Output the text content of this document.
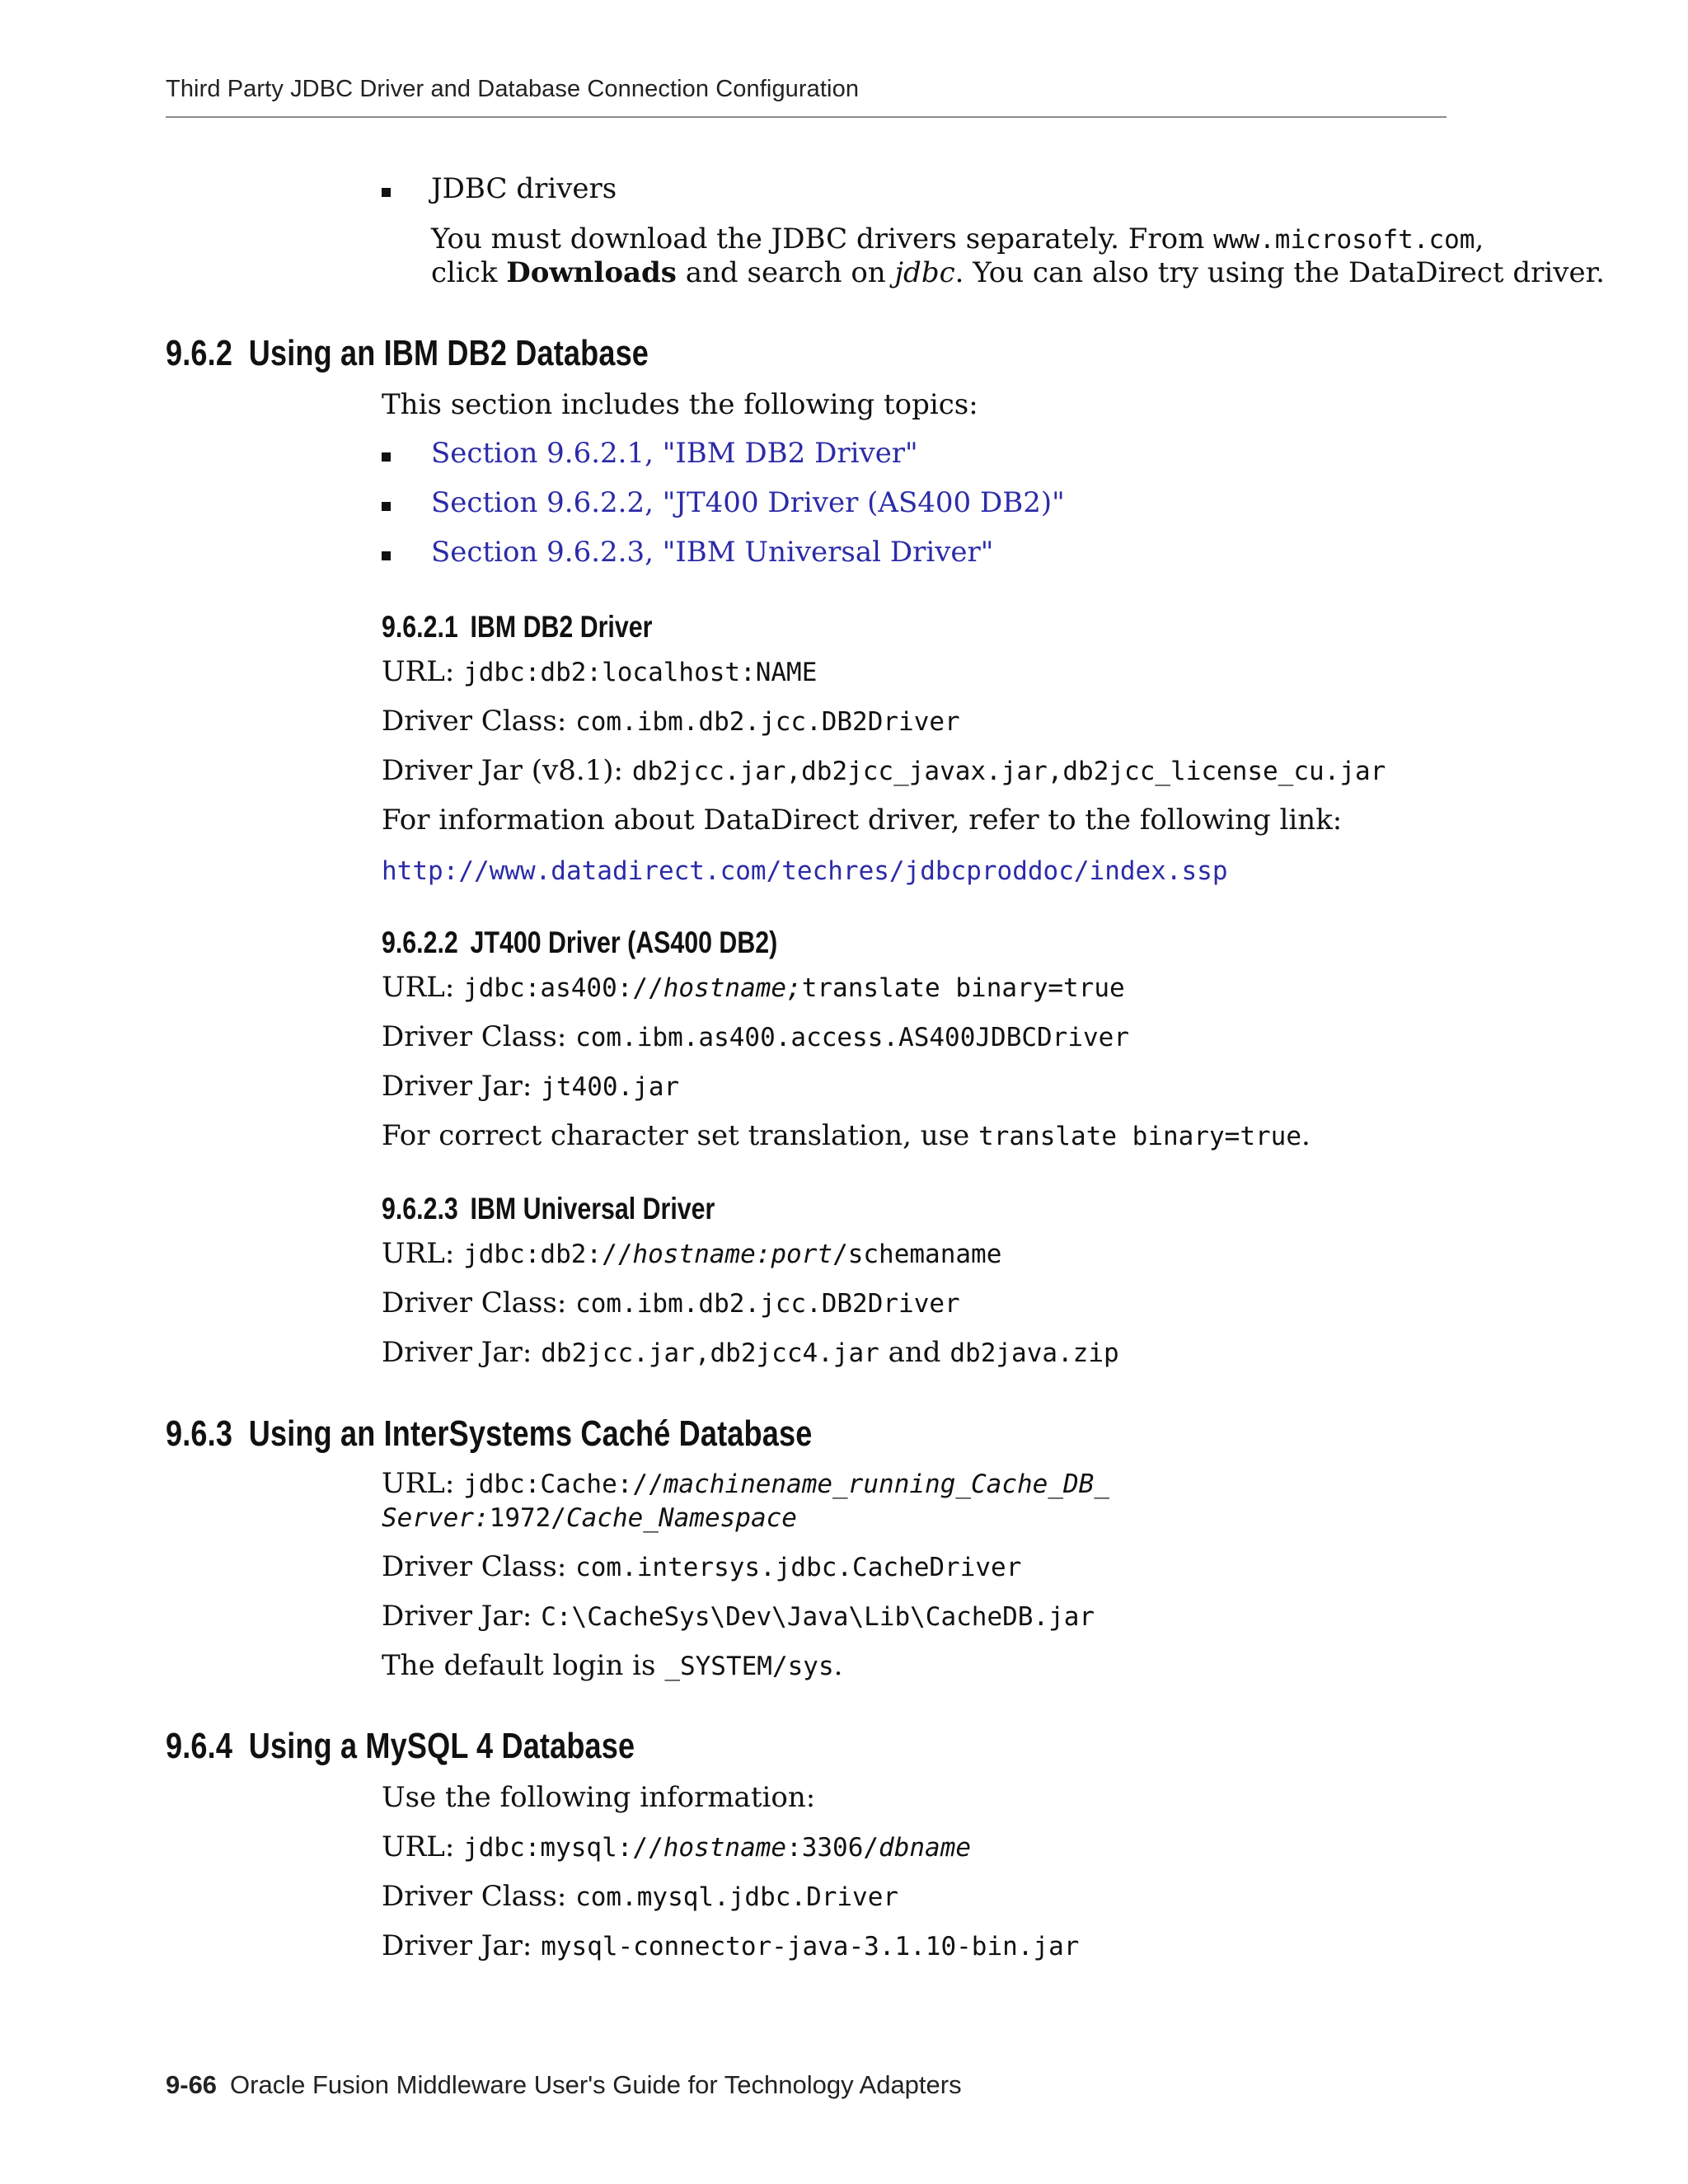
Third Party JDBC Driver and Database Connection Configuration
JDBC drivers
You must download the JDBC drivers separately. From www.microsoft.com,
click Downloads and search on jdbc. You can also try using the DataDirect driver.
9.6.2 Using an IBM DB2 Database
This section includes the following topics:
Section 9.6.2.1, "IBM DB2 Driver"
Section 9.6.2.2, "JT400 Driver (AS400 DB2)"
Section 9.6.2.3, "IBM Universal Driver"
9.6.2.1 IBM DB2 Driver
URL: jdbc:db2:localhost:NAME
Driver Class: com.ibm.db2.jcc.DB2Driver
Driver Jar (v8.1): db2jcc.jar,db2jcc_javax.jar,db2jcc_license_cu.jar
For information about DataDirect driver, refer to the following link:
http://www.datadirect.com/techres/jdbcproddoc/index.ssp
9.6.2.2 JT400 Driver (AS400 DB2)
URL: jdbc:as400://hostname;translate binary=true
Driver Class: com.ibm.as400.access.AS400JDBCDriver
Driver Jar: jt400.jar
For correct character set translation, use translate binary=true.
9.6.2.3 IBM Universal Driver
URL: jdbc:db2://hostname:port/schemaname
Driver Class: com.ibm.db2.jcc.DB2Driver
Driver Jar: db2jcc.jar,db2jcc4.jar and db2java.zip
9.6.3 Using an InterSystems Caché Database
URL: jdbc:Cache://machinename_running_Cache_DB_
Server:1972/Cache_Namespace
Driver Class: com.intersys.jdbc.CacheDriver
Driver Jar: C:\CacheSys\Dev\Java\Lib\CacheDB.jar
The default login is _SYSTEM/sys.
9.6.4 Using a MySQL 4 Database
Use the following information:
URL: jdbc:mysql://hostname:3306/dbname
Driver Class: com.mysql.jdbc.Driver
Driver Jar: mysql-connector-java-3.1.10-bin.jar
9-66 Oracle Fusion Middleware User's Guide for Technology Adapters
